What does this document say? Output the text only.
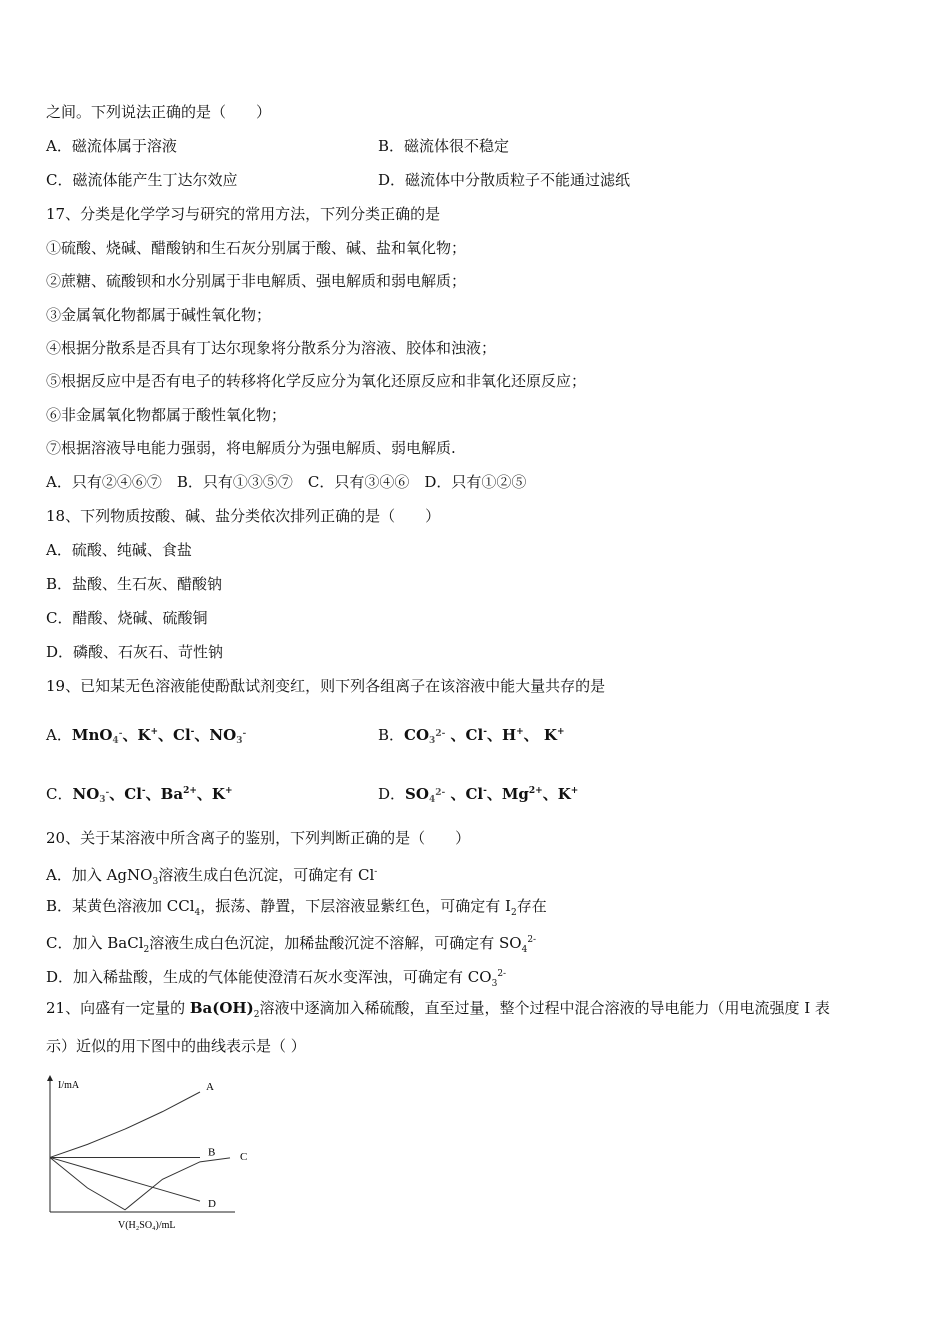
之间。下列说法正确的是（　　）
A．磁流体属于溶液	B．磁流体很不稳定
C．磁流体能产生丁达尔效应	D．磁流体中分散质粒子不能通过滤纸
17、分类是化学学习与研究的常用方法，下列分类正确的是
①硫酸、烧碱、醋酸钠和生石灰分别属于酸、碱、盐和氧化物；
②蔗糖、硫酸钡和水分别属于非电解质、强电解质和弱电解质；
③金属氧化物都属于碱性氧化物；
④根据分散系是否具有丁达尔现象将分散系分为溶液、胶体和浊液；
⑤根据反应中是否有电子的转移将化学反应分为氧化还原反应和非氧化还原反应；
⑥非金属氧化物都属于酸性氧化物；
⑦根据溶液导电能力强弱，将电解质分为强电解质、弱电解质.
A．只有②④⑥⑦　B．只有①③⑤⑦　C．只有③④⑥　D．只有①②⑤
18、下列物质按酸、碱、盐分类依次排列正确的是（　　）
A．硫酸、纯碱、食盐
B．盐酸、生石灰、醋酸钠
C．醋酸、烧碱、硫酸铜
D．磷酸、石灰石、苛性钠
19、已知某无色溶液能使酚酞试剂变红，则下列各组离子在该溶液中能大量共存的是
A．MnO$_4$-、K+、Cl-、$NO_3^-$	B．$CO_3^{2-}$ 、Cl-、H+、 K+
C．$NO_3^-$、Cl-、$Ba^{2+}$、K+	D．$SO_4^{2-}$ 、Cl-、$Mg^{2+}$、K+
20、关于某溶液中所含离子的鉴别，下列判断正确的是（　　）
A．加入 AgNO$_3$溶液生成白色沉淀，可确定有 Cl-
B．某黄色溶液加 CCl$_4$，振荡、静置，下层溶液显紫红色，可确定有 $I_2$存在
C．加入 BaCl$_2$溶液生成白色沉淀，加稀盐酸沉淀不溶解，可确定有 $SO_4^{2-}$
D．加入稀盐酸，生成的气体能使澄清石灰水变浑浊，可确定有 $CO_3^{2-}$
21、向盛有一定量的 $Ba(OH)_2$溶液中逐滴加入稀硫酸，直至过量，整个过程中混合溶液的导电能力（用电流强度 I 表
示）近似的用下图中的曲线表示是（ ）
I/mA
V(H₂SO₄)/mL
A
B C
D
